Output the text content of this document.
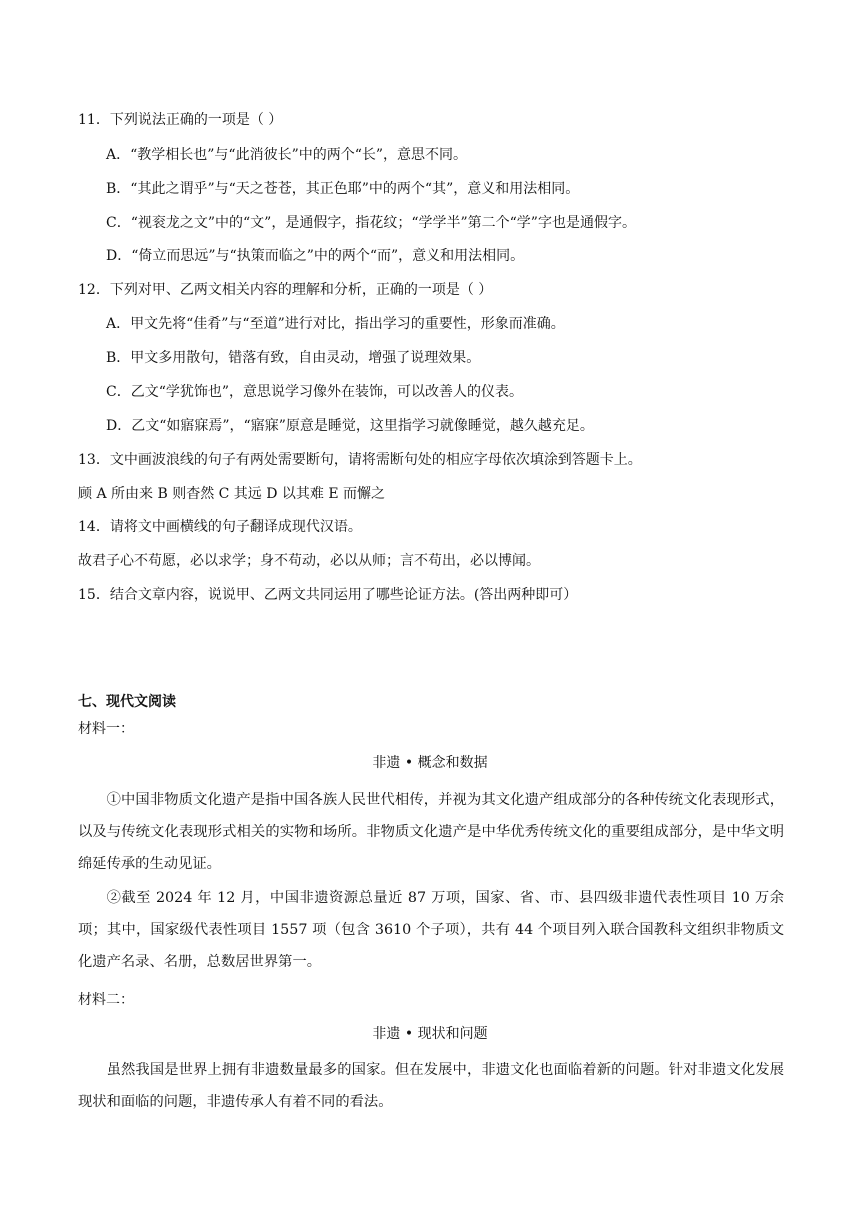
11．下列说法正确的一项是（ ）
A．“教学相长也”与“此消彼长”中的两个“长”，意思不同。
B．“其此之谓乎”与“天之苍苍，其正色耶”中的两个“其”，意义和用法相同。
C．“视衮龙之文”中的“文”，是通假字，指花纹；“学学半”第二个“学”字也是通假字。
D．“倚立而思远”与“执策而临之”中的两个“而”，意义和用法相同。
12．下列对甲、乙两文相关内容的理解和分析，正确的一项是（ ）
A．甲文先将“佳肴”与“至道”进行对比，指出学习的重要性，形象而准确。
B．甲文多用散句，错落有致，自由灵动，增强了说理效果。
C．乙文“学犹饰也”，意思说学习像外在装饰，可以改善人的仪表。
D．乙文“如寤寐焉”，“寤寐”原意是睡觉，这里指学习就像睡觉，越久越充足。
13．文中画波浪线的句子有两处需要断句，请将需断句处的相应字母依次填涂到答题卡上。
顾 A 所由来 B 则杳然 C 其远 D 以其难 E 而懈之
14．请将文中画横线的句子翻译成现代汉语。
故君子心不苟愿，必以求学；身不苟动，必以从师；言不苟出，必以博闻。
15．结合文章内容，说说甲、乙两文共同运用了哪些论证方法。(答出两种即可）
七、现代文阅读
材料一：
非遗 • 概念和数据
①中国非物质文化遗产是指中国各族人民世代相传，并视为其文化遗产组成部分的各种传统文化表现形式，以及与传统文化表现形式相关的实物和场所。非物质文化遗产是中华优秀传统文化的重要组成部分，是中华文明绵延传承的生动见证。
②截至 2024 年 12 月，中国非遗资源总量近 87 万项，国家、省、市、县四级非遗代表性项目 10 万余项；其中，国家级代表性项目 1557 项（包含 3610 个子项），共有 44 个项目列入联合国教科文组织非物质文化遗产名录、名册，总数居世界第一。
材料二：
非遗 • 现状和问题
虽然我国是世界上拥有非遗数量最多的国家。但在发展中，非遗文化也面临着新的问题。针对非遗文化发展现状和面临的问题，非遗传承人有着不同的看法。
